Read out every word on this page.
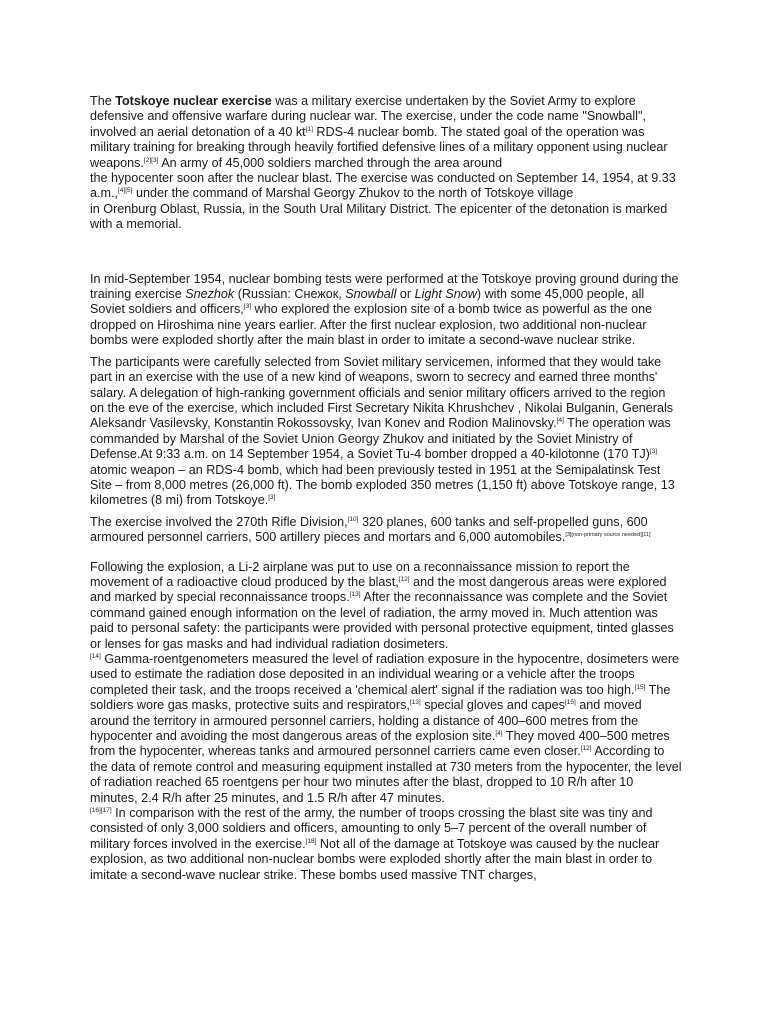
The Totskoye nuclear exercise was a military exercise undertaken by the Soviet Army to explore defensive and offensive warfare during nuclear war. The exercise, under the code name "Snowball", involved an aerial detonation of a 40 kt[1] RDS-4 nuclear bomb. The stated goal of the operation was military training for breaking through heavily fortified defensive lines of a military opponent using nuclear weapons.[2][3] An army of 45,000 soldiers marched through the area around
the hypocenter soon after the nuclear blast. The exercise was conducted on September 14, 1954, at 9.33 a.m.,[4][5] under the command of Marshal Georgy Zhukov to the north of Totskoye village
in Orenburg Oblast, Russia, in the South Ural Military District. The epicenter of the detonation is marked with a memorial.

In mid-September 1954, nuclear bombing tests were performed at the Totskoye proving ground during the training exercise Snezhok (Russian: Снежок, Snowball or Light Snow) with some 45,000 people, all Soviet soldiers and officers,[3] who explored the explosion site of a bomb twice as powerful as the one dropped on Hiroshima nine years earlier. After the first nuclear explosion, two additional non-nuclear bombs were exploded shortly after the main blast in order to imitate a second-wave nuclear strike.

The participants were carefully selected from Soviet military servicemen, informed that they would take part in an exercise with the use of a new kind of weapons, sworn to secrecy and earned three months' salary. A delegation of high-ranking government officials and senior military officers arrived to the region on the eve of the exercise, which included First Secretary Nikita Khrushchev , Nikolai Bulganin, Generals Aleksandr Vasilevsky, Konstantin Rokossovsky, Ivan Konev and Rodion Malinovsky.[4] The operation was commanded by Marshal of the Soviet Union Georgy Zhukov and initiated by the Soviet Ministry of Defense.At 9:33 a.m. on 14 September 1954, a Soviet Tu-4 bomber dropped a 40-kilotonne (170 TJ)[3] atomic weapon – an RDS-4 bomb, which had been previously tested in 1951 at the Semipalatinsk Test Site – from 8,000 metres (26,000 ft). The bomb exploded 350 metres (1,150 ft) above Totskoye range, 13 kilometres (8 mi) from Totskoye.[3]

The exercise involved the 270th Rifle Division,[10] 320 planes, 600 tanks and self-propelled guns, 600 armoured personnel carriers, 500 artillery pieces and mortars and 6,000 automobiles.[3][non-primary source needed][11]

Following the explosion, a Li-2 airplane was put to use on a reconnaissance mission to report the movement of a radioactive cloud produced by the blast,[12] and the most dangerous areas were explored and marked by special reconnaissance troops.[13] After the reconnaissance was complete and the Soviet command gained enough information on the level of radiation, the army moved in. Much attention was paid to personal safety: the participants were provided with personal protective equipment, tinted glasses or lenses for gas masks and had individual radiation dosimeters.
[14] Gamma-roentgenometers measured the level of radiation exposure in the hypocentre, dosimeters were used to estimate the radiation dose deposited in an individual wearing or a vehicle after the troops completed their task, and the troops received a 'chemical alert' signal if the radiation was too high.[15] The soldiers wore gas masks, protective suits and respirators,[13] special gloves and capes[15] and moved around the territory in armoured personnel carriers, holding a distance of 400–600 metres from the hypocenter and avoiding the most dangerous areas of the explosion site.[4] They moved 400–500 metres from the hypocenter, whereas tanks and armoured personnel carriers came even closer.[12] According to the data of remote control and measuring equipment installed at 730 meters from the hypocenter, the level of radiation reached 65 roentgens per hour two minutes after the blast, dropped to 10 R/h after 10 minutes, 2.4 R/h after 25 minutes, and 1.5 R/h after 47 minutes.
[16][17] In comparison with the rest of the army, the number of troops crossing the blast site was tiny and consisted of only 3,000 soldiers and officers, amounting to only 5–7 percent of the overall number of military forces involved in the exercise.[18] Not all of the damage at Totskoye was caused by the nuclear explosion, as two additional non-nuclear bombs were exploded shortly after the main blast in order to imitate a second-wave nuclear strike. These bombs used massive TNT charges,
